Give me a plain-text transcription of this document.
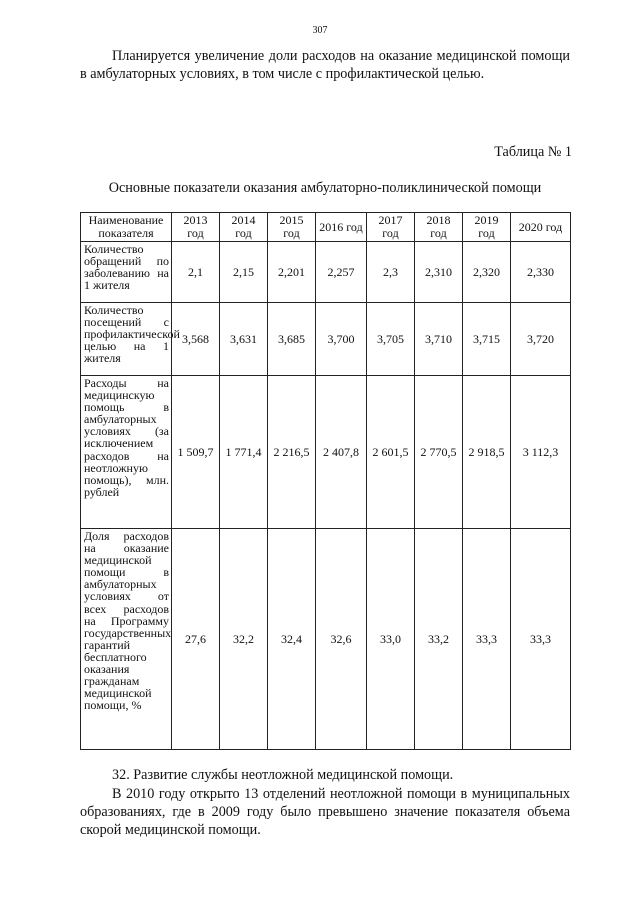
307

Планируется увеличение доли расходов на оказание медицинской помощи в амбулаторных условиях, в том числе с профилактической целью.

Таблица № 1
Основные показатели оказания амбулаторно-поликлинической помощи
Наименование показателя	2013 год	2014 год	2015 год	2016 год	2017 год	2018 год	2019 год	2020 год
Количество обращений по заболеванию на 1 жителя	2,1	2,15	2,201	2,257	2,3	2,310	2,320	2,330
Количество посещений с профилактической целью на 1 жителя	3,568	3,631	3,685	3,700	3,705	3,710	3,715	3,720
Расходы на медицинскую помощь в амбулаторных условиях (за исключением расходов на неотложную помощь), млн. рублей	1 509,7	1 771,4	2 216,5	2 407,8	2 601,5	2 770,5	2 918,5	3 112,3
Доля расходов на оказание медицинской помощи в амбулаторных условиях от всех расходов на Программу государственных гарантий бесплатного оказания гражданам медицинской помощи, %	27,6	32,2	32,4	32,6	33,0	33,2	33,3	33,3

32. Развитие службы неотложной медицинской помощи.

В 2010 году открыто 13 отделений неотложной помощи в муниципальных образованиях, где в 2009 году было превышено значение показателя объема скорой медицинской помощи.
